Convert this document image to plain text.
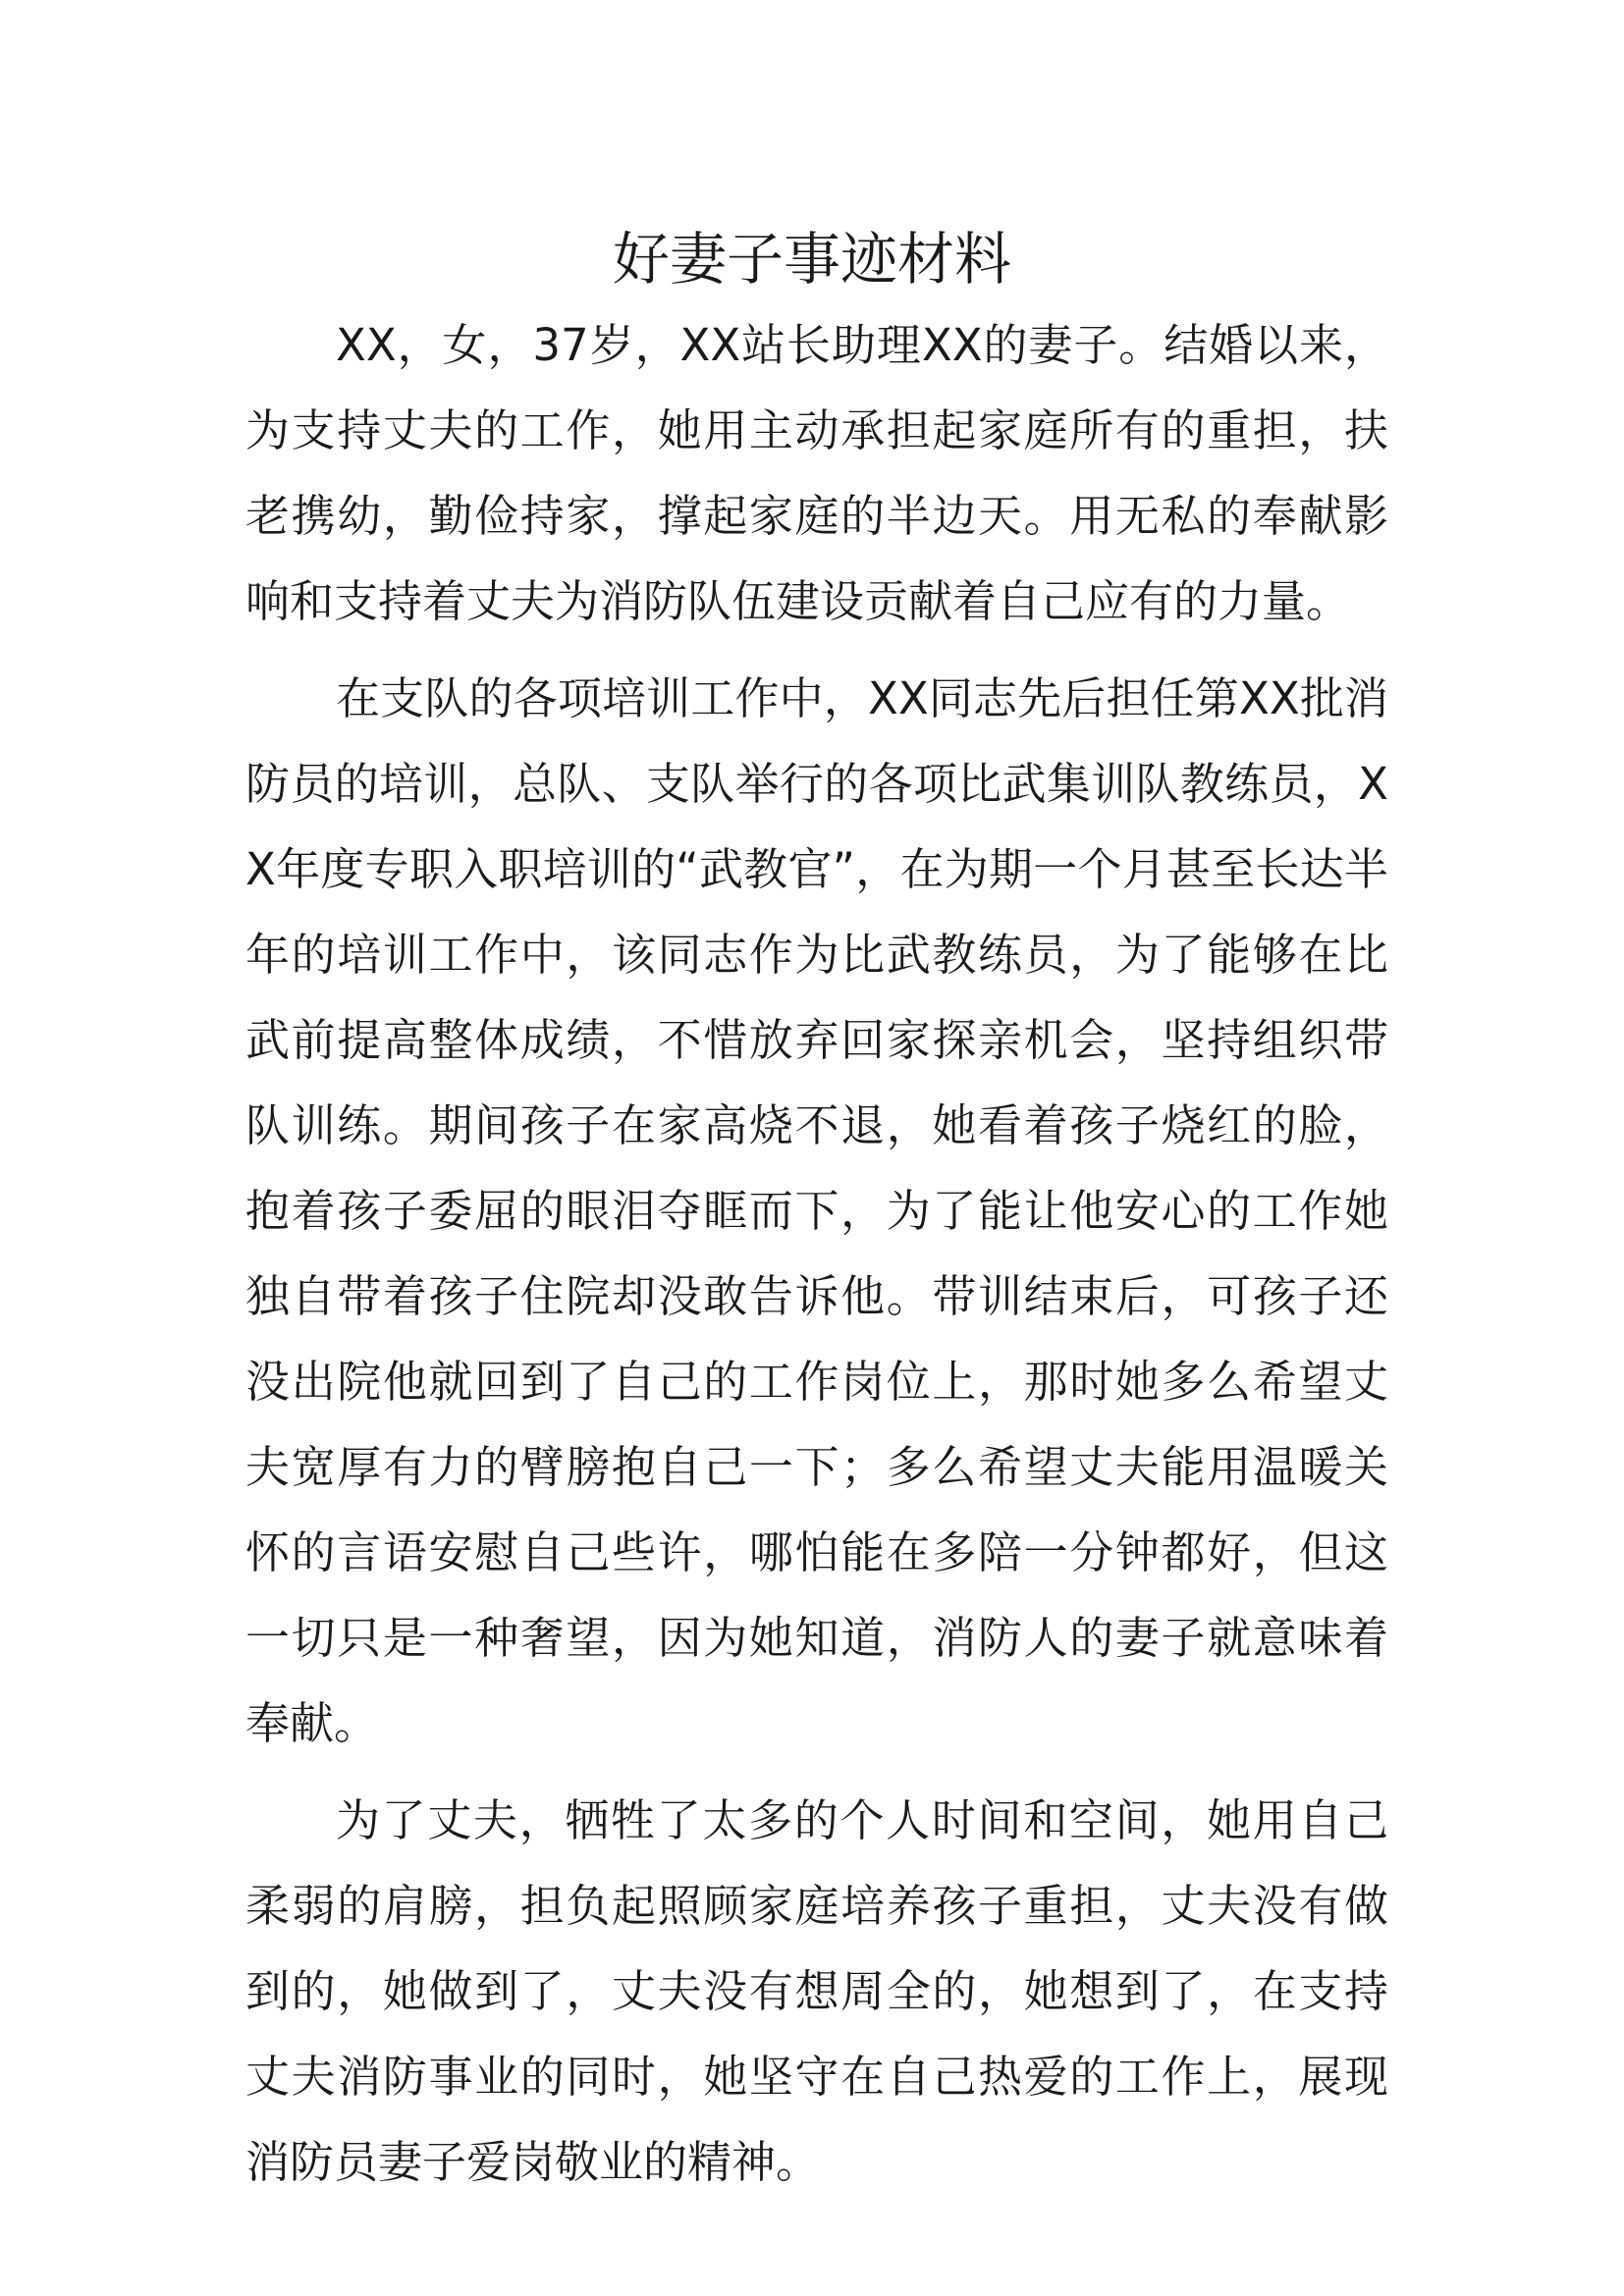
好妻子事迹材料

XX，女，37岁，XX站长助理XX的妻子。结婚以来，为支持丈夫的工作，她用主动承担起家庭所有的重担，扶老携幼，勤俭持家，撑起家庭的半边天。用无私的奉献影响和支持着丈夫为消防队伍建设贡献着自己应有的力量。

在支队的各项培训工作中，XX同志先后担任第XX批消防员的培训，总队、支队举行的各项比武集训队教练员，XX年度专职入职培训的“武教官”，在为期一个月甚至长达半年的培训工作中，该同志作为比武教练员，为了能够在比武前提高整体成绩，不惜放弃回家探亲机会，坚持组织带队训练。期间孩子在家高烧不退，她看着孩子烧红的脸，抱着孩子委屈的眼泪夺眶而下，为了能让他安心的工作她独自带着孩子住院却没敢告诉他。带训结束后，可孩子还没出院他就回到了自己的工作岗位上，那时她多么希望丈夫宽厚有力的臂膀抱自己一下；多么希望丈夫能用温暖关怀的言语安慰自己些许，哪怕能在多陪一分钟都好，但这一切只是一种奢望，因为她知道，消防人的妻子就意味着奉献。

为了丈夫，牺牲了太多的个人时间和空间，她用自己柔弱的肩膀，担负起照顾家庭培养孩子重担，丈夫没有做到的，她做到了，丈夫没有想周全的，她想到了，在支持丈夫消防事业的同时，她坚守在自己热爱的工作上，展现消防员妻子爱岗敬业的精神。
